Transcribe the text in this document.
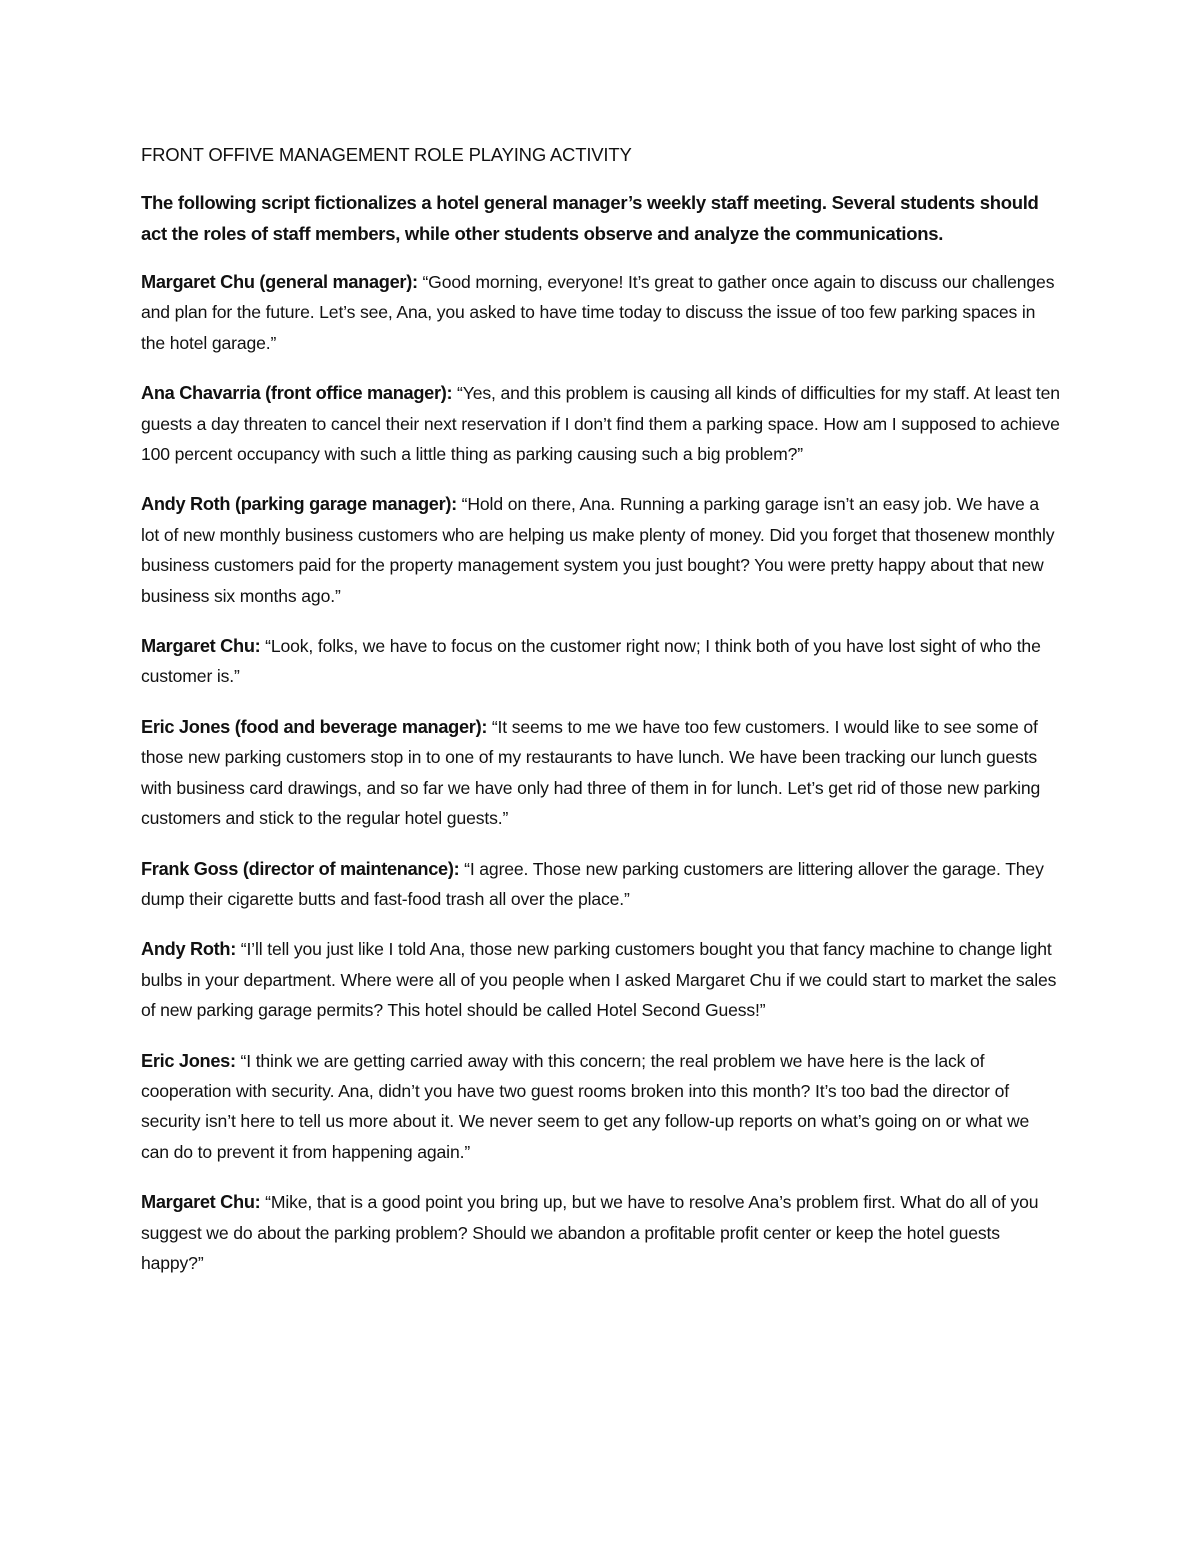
FRONT OFFIVE MANAGEMENT ROLE PLAYING ACTIVITY

The following script fictionalizes a hotel general manager’s weekly staff meeting. Several students should act the roles of staff members, while other students observe and analyze the communications.

Margaret Chu (general manager): “Good morning, everyone! It’s great to gather once again to discuss our challenges and plan for the future. Let’s see, Ana, you asked to have time today to discuss the issue of too few parking spaces in the hotel garage.”

Ana Chavarria (front office manager): “Yes, and this problem is causing all kinds of difficulties for my staff. At least ten guests a day threaten to cancel their next reservation if I don’t find them a parking space. How am I supposed to achieve 100 percent occupancy with such a little thing as parking causing such a big problem?”

Andy Roth (parking garage manager): “Hold on there, Ana. Running a parking garage isn’t an easy job. We have a lot of new monthly business customers who are helping us make plenty of money. Did you forget that thosenew monthly business customers paid for the property management system you just bought? You were pretty happy about that new business six months ago.”

Margaret Chu: “Look, folks, we have to focus on the customer right now; I think both of you have lost sight of who the customer is.”

Eric Jones (food and beverage manager): “It seems to me we have too few customers. I would like to see some of those new parking customers stop in to one of my restaurants to have lunch. We have been tracking our lunch guests with business card drawings, and so far we have only had three of them in for lunch. Let’s get rid of those new parking customers and stick to the regular hotel guests.”

Frank Goss (director of maintenance): “I agree. Those new parking customers are littering allover the garage. They dump their cigarette butts and fast-food trash all over the place.”

Andy Roth: “I’ll tell you just like I told Ana, those new parking customers bought you that fancy machine to change light bulbs in your department. Where were all of you people when I asked Margaret Chu if we could start to market the sales of new parking garage permits? This hotel should be called Hotel Second Guess!”

Eric Jones: “I think we are getting carried away with this concern; the real problem we have here is the lack of cooperation with security. Ana, didn’t you have two guest rooms broken into this month? It’s too bad the director of security isn’t here to tell us more about it. We never seem to get any follow-up reports on what’s going on or what we can do to prevent it from happening again.”

Margaret Chu: “Mike, that is a good point you bring up, but we have to resolve Ana’s problem first. What do all of you suggest we do about the parking problem? Should we abandon a profitable profit center or keep the hotel guests happy?”
